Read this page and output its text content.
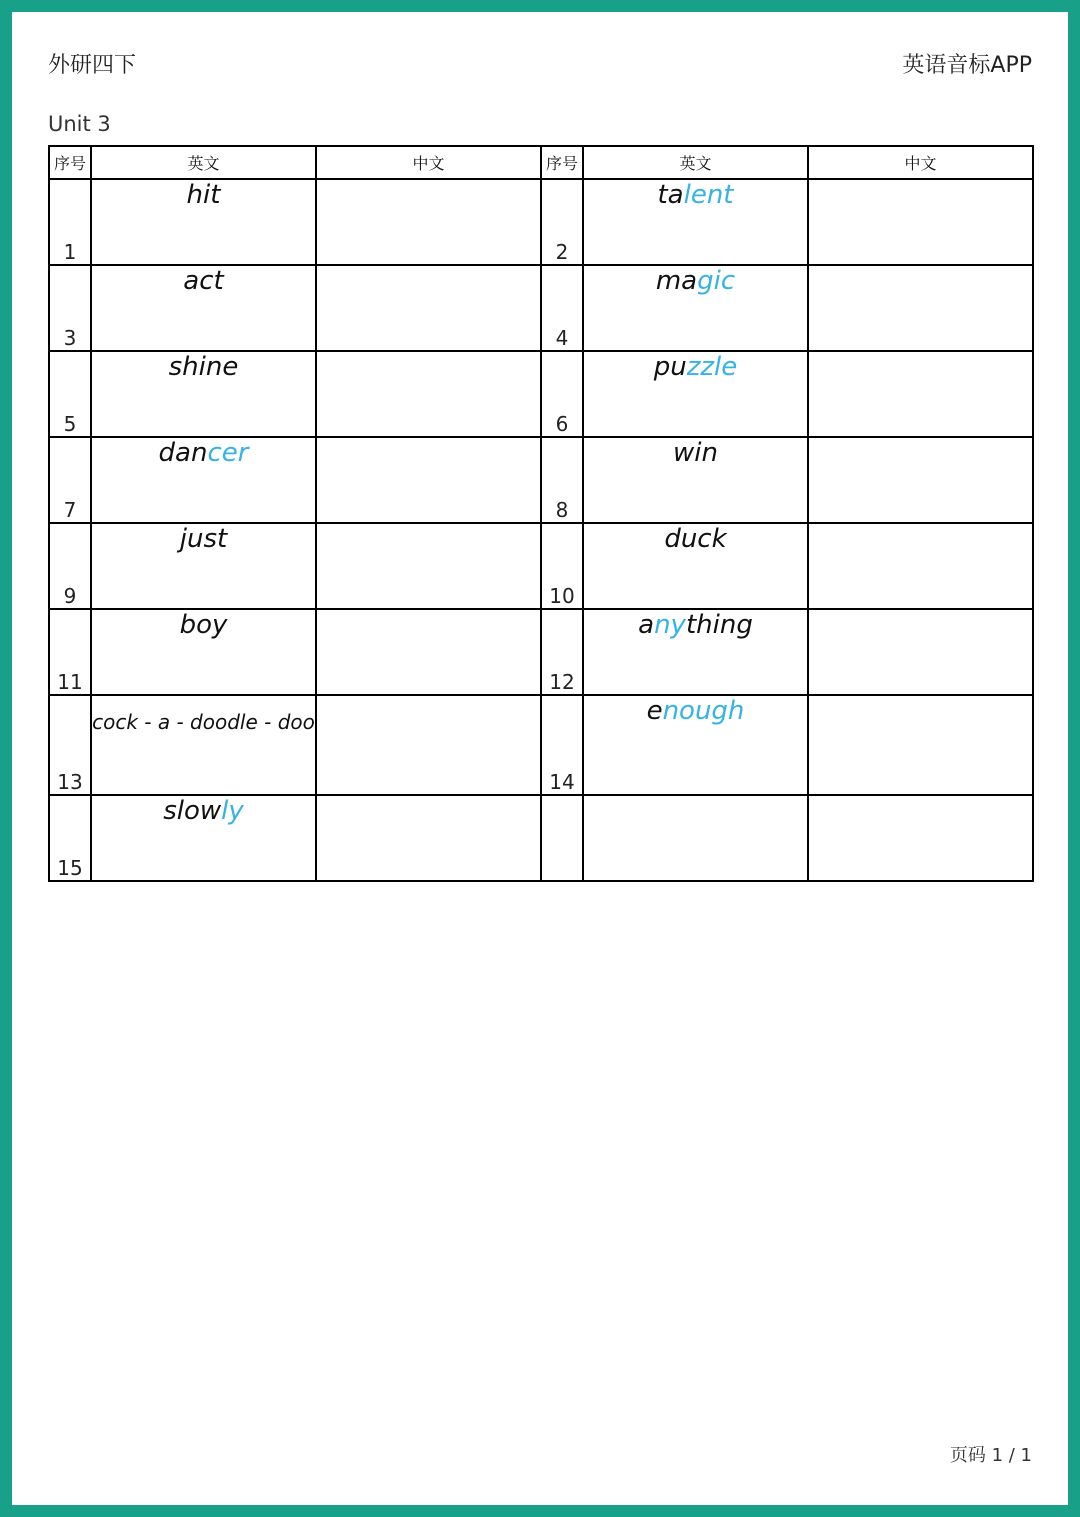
外研四下	英语音标APP
Unit 3
序号	英文	中文	序号	英文	中文
1	hit		2	talent	
3	act		4	magic	
5	shine		6	puzzle	
7	dancer		8	win	
9	just		10	duck	
11	boy		12	anything	
13	cock - a - doodle - doo		14	enough	
15	slowly				
页码 1 / 1
